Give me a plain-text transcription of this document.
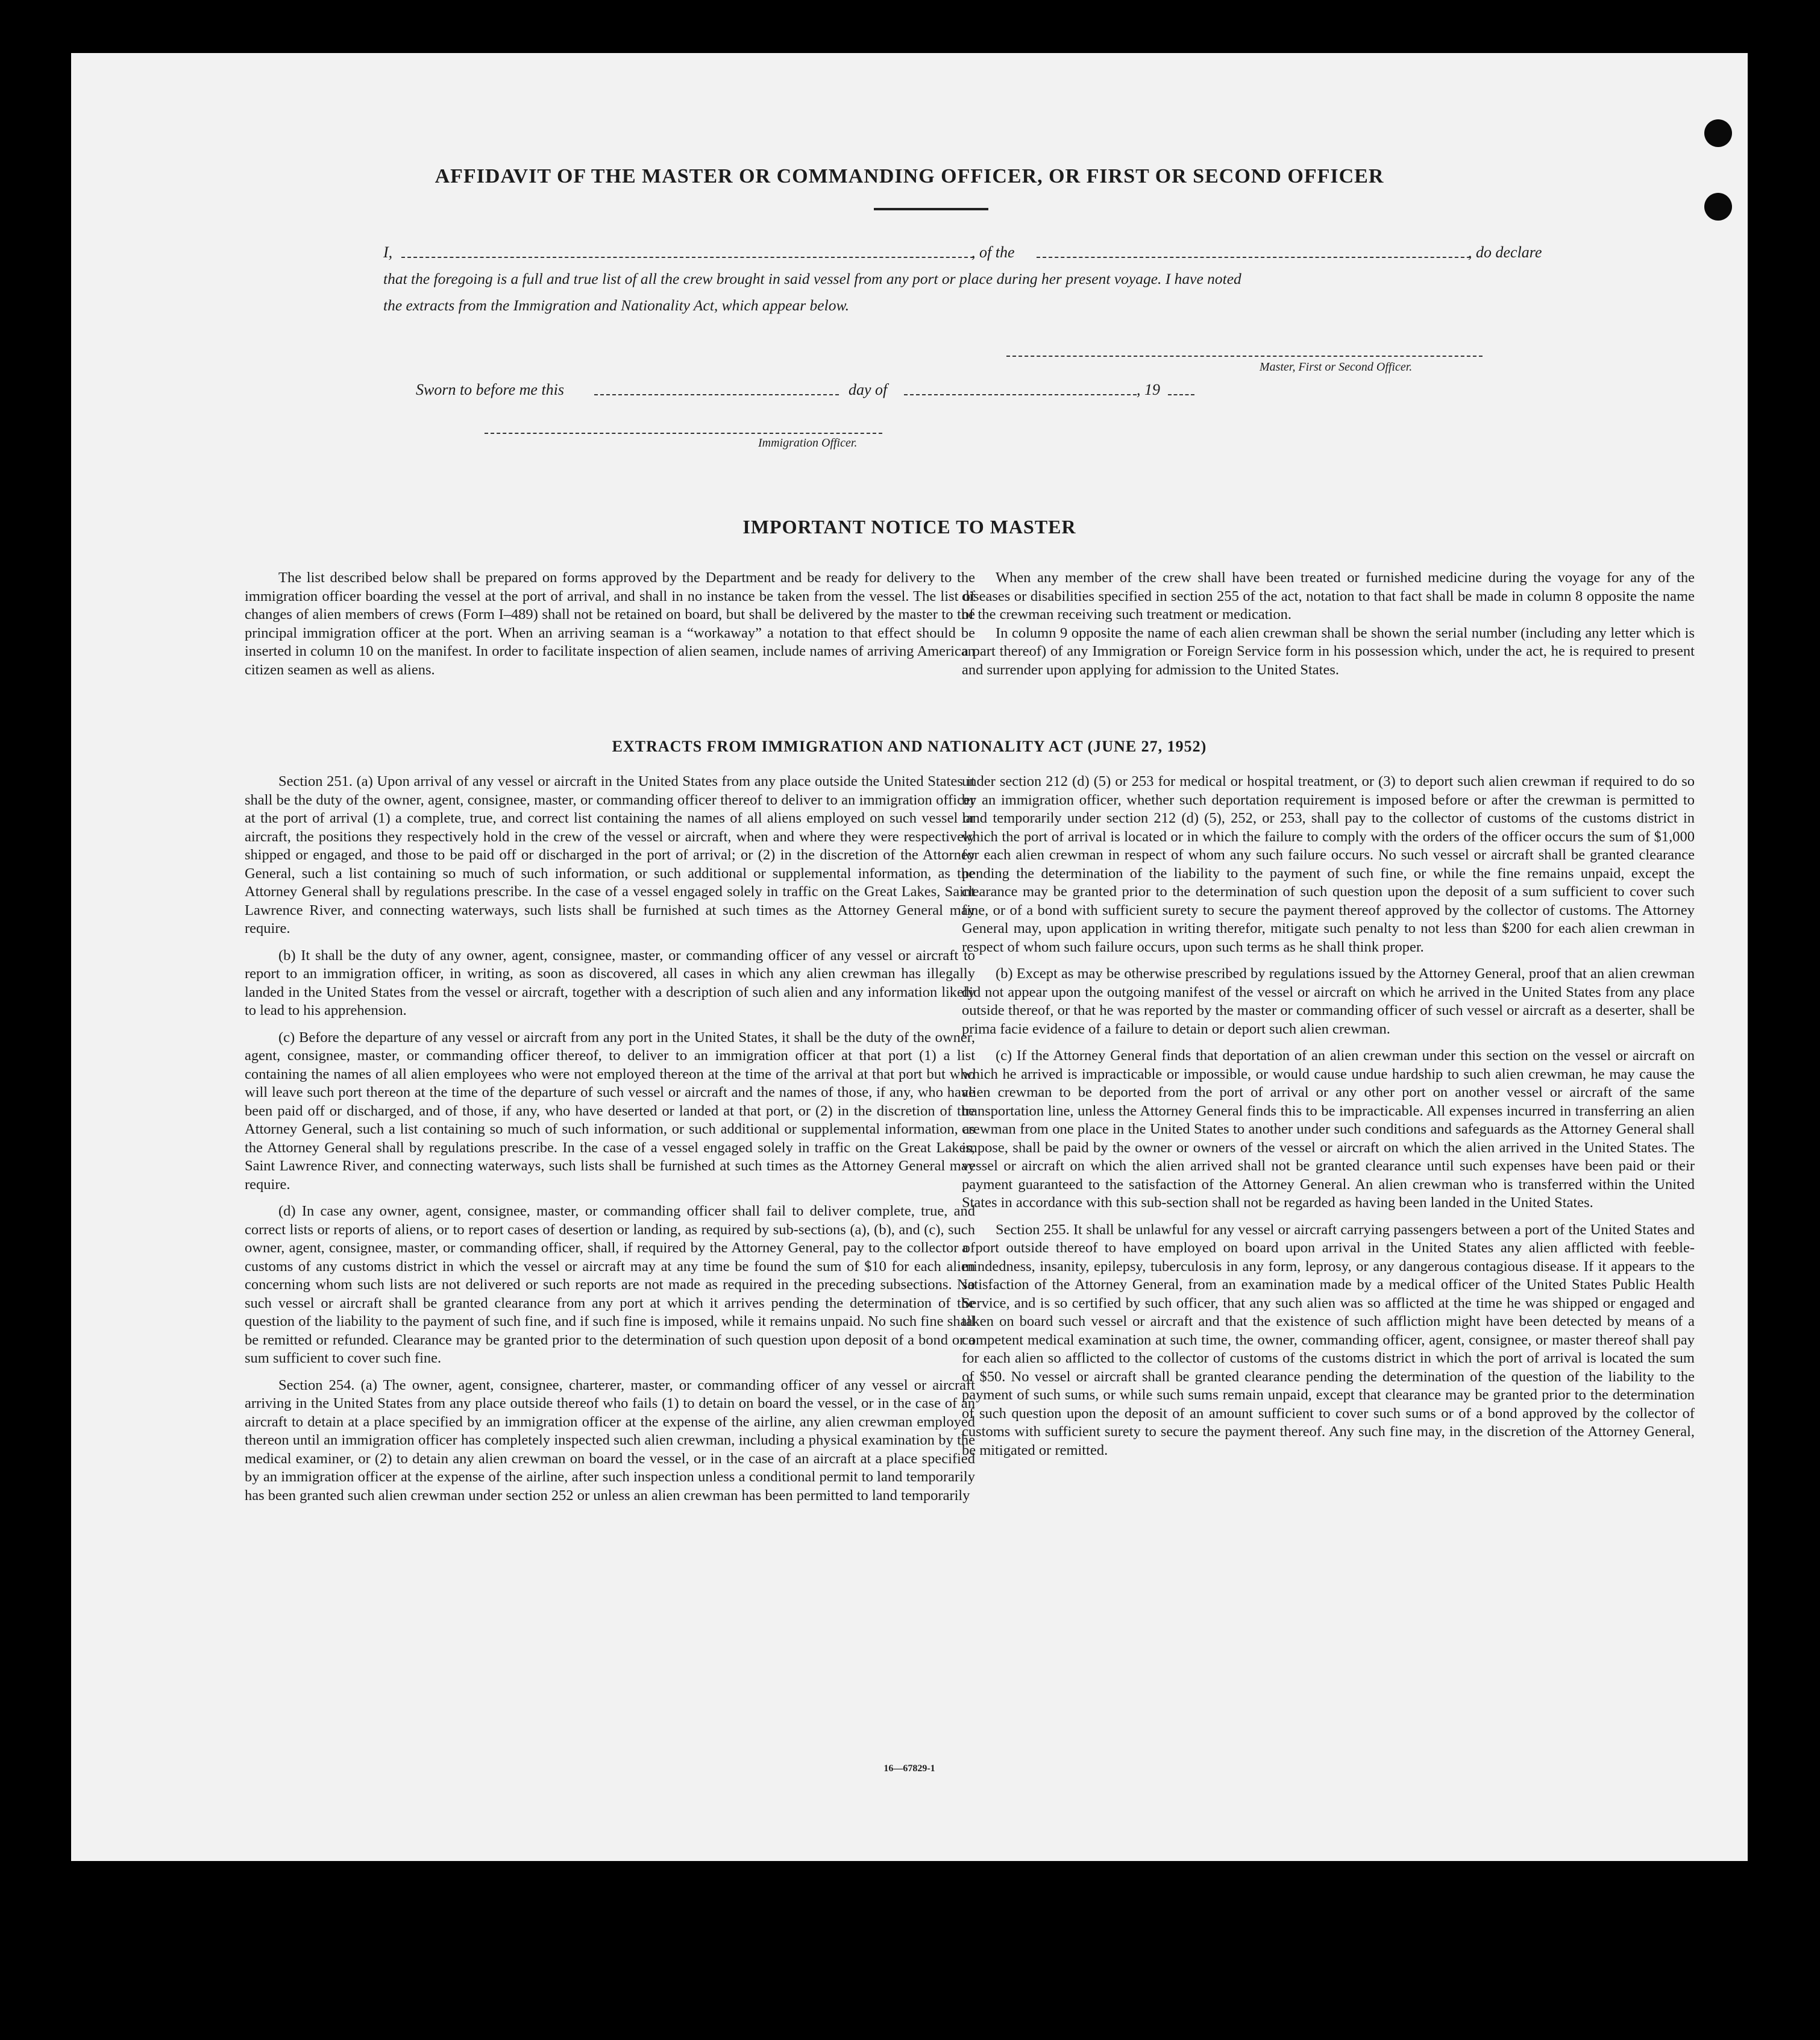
AFFIDAVIT OF THE MASTER OR COMMANDING OFFICER, OR FIRST OR SECOND OFFICER
I,	, of the	, do declare
that the foregoing is a full and true list of all the crew brought in said vessel from any port or place during her present voyage. I have noted
the extracts from the Immigration and Nationality Act, which appear below.
Master, First or Second Officer.
Sworn to before me this	day of	, 19
Immigration Officer.
IMPORTANT NOTICE TO MASTER

The list described below shall be prepared on forms approved by the Department and be ready for delivery to the immigration officer boarding the vessel at the port of arrival, and shall in no instance be taken from the vessel. The list of changes of alien members of crews (Form I–489) shall not be retained on board, but shall be delivered by the master to the principal immigration officer at the port. When an arriving seaman is a “workaway” a notation to that effect should be inserted in column 10 on the manifest. In order to facilitate inspection of alien seamen, include names of arriving American citizen seamen as well as aliens.

When any member of the crew shall have been treated or furnished medicine during the voyage for any of the diseases or disabilities specified in section 255 of the act, notation to that fact shall be made in column 8 opposite the name of the crewman receiving such treatment or medication.

In column 9 opposite the name of each alien crewman shall be shown the serial number (including any letter which is a part thereof) of any Immigration or Foreign Service form in his possession which, under the act, he is required to present and surrender upon applying for admission to the United States.

EXTRACTS FROM IMMIGRATION AND NATIONALITY ACT (JUNE 27, 1952)

Section 251. (a) Upon arrival of any vessel or aircraft in the United States from any place outside the United States it shall be the duty of the owner, agent, consignee, master, or commanding officer thereof to deliver to an immigration officer at the port of arrival (1) a complete, true, and correct list containing the names of all aliens employed on such vessel or aircraft, the positions they respectively hold in the crew of the vessel or aircraft, when and where they were respectively shipped or engaged, and those to be paid off or discharged in the port of arrival; or (2) in the discretion of the Attorney General, such a list containing so much of such information, or such additional or supplemental information, as the Attorney General shall by regulations prescribe. In the case of a vessel engaged solely in traffic on the Great Lakes, Saint Lawrence River, and connecting waterways, such lists shall be furnished at such times as the Attorney General may require.

(b) It shall be the duty of any owner, agent, consignee, master, or commanding officer of any vessel or aircraft to report to an immigration officer, in writing, as soon as discovered, all cases in which any alien crewman has illegally landed in the United States from the vessel or aircraft, together with a description of such alien and any information likely to lead to his apprehension.

(c) Before the departure of any vessel or aircraft from any port in the United States, it shall be the duty of the owner, agent, consignee, master, or commanding officer thereof, to deliver to an immigration officer at that port (1) a list containing the names of all alien employees who were not employed thereon at the time of the arrival at that port but who will leave such port thereon at the time of the departure of such vessel or aircraft and the names of those, if any, who have been paid off or discharged, and of those, if any, who have deserted or landed at that port, or (2) in the discretion of the Attorney General, such a list containing so much of such information, or such additional or supplemental information, as the Attorney General shall by regulations prescribe. In the case of a vessel engaged solely in traffic on the Great Lakes, Saint Lawrence River, and connecting waterways, such lists shall be furnished at such times as the Attorney General may require.

(d) In case any owner, agent, consignee, master, or commanding officer shall fail to deliver complete, true, and correct lists or reports of aliens, or to report cases of desertion or landing, as required by sub-sections (a), (b), and (c), such owner, agent, consignee, master, or commanding officer, shall, if required by the Attorney General, pay to the collector of customs of any customs district in which the vessel or aircraft may at any time be found the sum of $10 for each alien concerning whom such lists are not delivered or such reports are not made as required in the preceding subsections. No such vessel or aircraft shall be granted clearance from any port at which it arrives pending the determination of the question of the liability to the payment of such fine, and if such fine is imposed, while it remains unpaid. No such fine shall be remitted or refunded. Clearance may be granted prior to the determination of such question upon deposit of a bond or a sum sufficient to cover such fine.

Section 254. (a) The owner, agent, consignee, charterer, master, or commanding officer of any vessel or aircraft arriving in the United States from any place outside thereof who fails (1) to detain on board the vessel, or in the case of an aircraft to detain at a place specified by an immigration officer at the expense of the airline, any alien crewman employed thereon until an immigration officer has completely inspected such alien crewman, including a physical examination by the medical examiner, or (2) to detain any alien crewman on board the vessel, or in the case of an aircraft at a place specified by an immigration officer at the expense of the airline, after such inspection unless a conditional permit to land temporarily has been granted such alien crewman under section 252 or unless an alien crewman has been permitted to land temporarily

under section 212 (d) (5) or 253 for medical or hospital treatment, or (3) to deport such alien crewman if required to do so by an immigration officer, whether such deportation requirement is imposed before or after the crewman is permitted to land temporarily under section 212 (d) (5), 252, or 253, shall pay to the collector of customs of the customs district in which the port of arrival is located or in which the failure to comply with the orders of the officer occurs the sum of $1,000 for each alien crewman in respect of whom any such failure occurs. No such vessel or aircraft shall be granted clearance pending the determination of the liability to the payment of such fine, or while the fine remains unpaid, except the clearance may be granted prior to the determination of such question upon the deposit of a sum sufficient to cover such fine, or of a bond with sufficient surety to secure the payment thereof approved by the collector of customs. The Attorney General may, upon application in writing therefor, mitigate such penalty to not less than $200 for each alien crewman in respect of whom such failure occurs, upon such terms as he shall think proper.

(b) Except as may be otherwise prescribed by regulations issued by the Attorney General, proof that an alien crewman did not appear upon the outgoing manifest of the vessel or aircraft on which he arrived in the United States from any place outside thereof, or that he was reported by the master or commanding officer of such vessel or aircraft as a deserter, shall be prima facie evidence of a failure to detain or deport such alien crewman.

(c) If the Attorney General finds that deportation of an alien crewman under this section on the vessel or aircraft on which he arrived is impracticable or impossible, or would cause undue hardship to such alien crewman, he may cause the alien crewman to be deported from the port of arrival or any other port on another vessel or aircraft of the same transportation line, unless the Attorney General finds this to be impracticable. All expenses incurred in transferring an alien crewman from one place in the United States to another under such conditions and safeguards as the Attorney General shall impose, shall be paid by the owner or owners of the vessel or aircraft on which the alien arrived in the United States. The vessel or aircraft on which the alien arrived shall not be granted clearance until such expenses have been paid or their payment guaranteed to the satisfaction of the Attorney General. An alien crewman who is transferred within the United States in accordance with this sub-section shall not be regarded as having been landed in the United States.

Section 255. It shall be unlawful for any vessel or aircraft carrying passengers between a port of the United States and a port outside thereof to have employed on board upon arrival in the United States any alien afflicted with feeble-mindedness, insanity, epilepsy, tuberculosis in any form, leprosy, or any dangerous contagious disease. If it appears to the satisfaction of the Attorney General, from an examination made by a medical officer of the United States Public Health Service, and is so certified by such officer, that any such alien was so afflicted at the time he was shipped or engaged and taken on board such vessel or aircraft and that the existence of such affliction might have been detected by means of a competent medical examination at such time, the owner, commanding officer, agent, consignee, or master thereof shall pay for each alien so afflicted to the collector of customs of the customs district in which the port of arrival is located the sum of $50. No vessel or aircraft shall be granted clearance pending the determination of the question of the liability to the payment of such sums, or while such sums remain unpaid, except that clearance may be granted prior to the determination of such question upon the deposit of an amount sufficient to cover such sums or of a bond approved by the collector of customs with sufficient surety to secure the payment thereof. Any such fine may, in the discretion of the Attorney General, be mitigated or remitted.

16—67829-1
